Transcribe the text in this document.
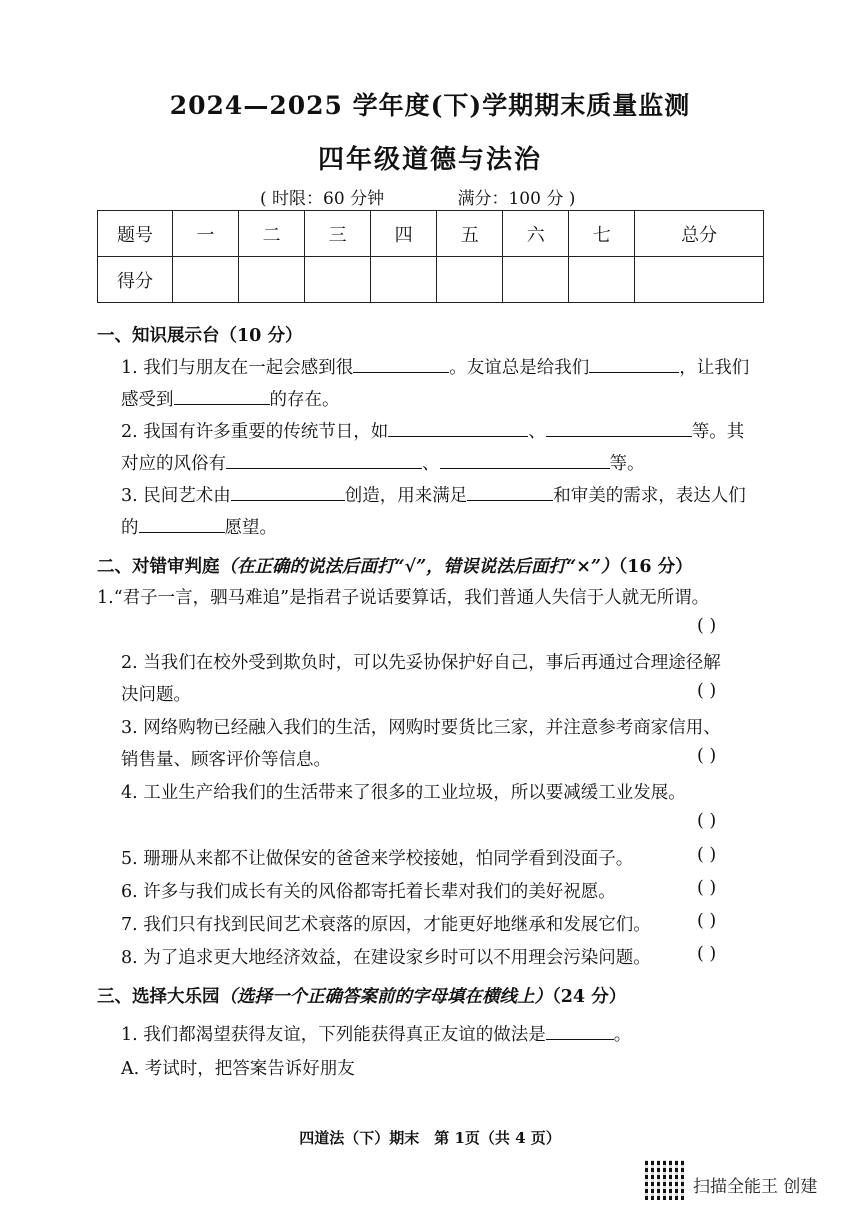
2024—2025 学年度(下)学期期末质量监测
四年级道德与法治
( 时限：60 分钟	满分：100 分 )
题号	一	二	三	四	五	六	七	总分
得分								
一、知识展示台（10 分）
1. 我们与朋友在一起会感到很	。友谊总是给我们	，让我们
感受到	的存在。
2. 我国有许多重要的传统节日，如	、	等。其
对应的风俗有	、	等。
3. 民间艺术由	创造，用来满足	和审美的需求，表达人们
的	愿望。
二、对错审判庭（在正确的说法后面打“√”，错误说法后面打“×”）（16 分）
1.“君子一言，驷马难追”是指君子说话要算话，我们普通人失信于人就无所谓。
( )
2. 当我们在校外受到欺负时，可以先妥协保护好自己，事后再通过合理途径解
决问题。	( )
3. 网络购物已经融入我们的生活，网购时要货比三家，并注意参考商家信用、
销售量、顾客评价等信息。	( )
4. 工业生产给我们的生活带来了很多的工业垃圾，所以要减缓工业发展。
( )
5. 珊珊从来都不让做保安的爸爸来学校接她，怕同学看到没面子。	( )
6. 许多与我们成长有关的风俗都寄托着长辈对我们的美好祝愿。	( )
7. 我们只有找到民间艺术衰落的原因，才能更好地继承和发展它们。	( )
8. 为了追求更大地经济效益，在建设家乡时可以不用理会污染问题。	( )
三、选择大乐园（选择一个正确答案前的字母填在横线上）（24 分）
1. 我们都渴望获得友谊，下列能获得真正友谊的做法是	。
A. 考试时，把答案告诉好朋友
四道法（下）期末　第 1页（共 4 页）
扫描全能王 创建
